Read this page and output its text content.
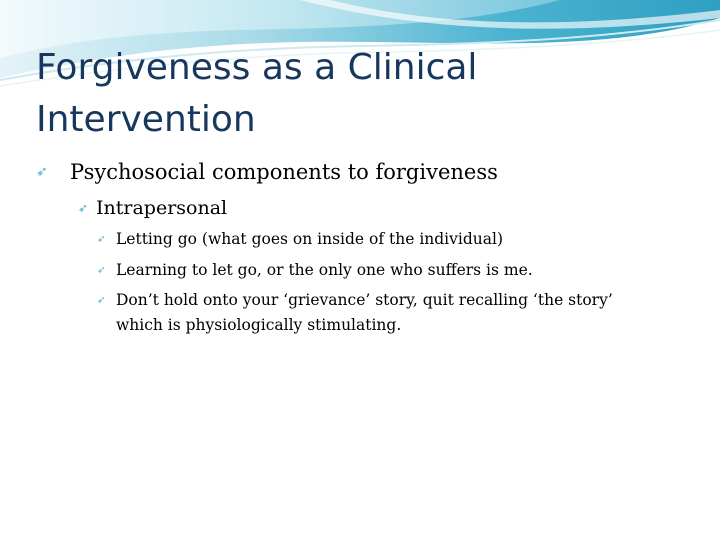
Forgiveness as a Clinical Intervention
➶	Psychosocial components to forgiveness
➶ Intrapersonal
➶ Letting go (what goes on inside of the individual)
➶ Learning to let go, or the only one who suffers is me.
➶ Don’t hold onto your ‘grievance’ story, quit recalling ‘the story’ which is physiologically stimulating.
